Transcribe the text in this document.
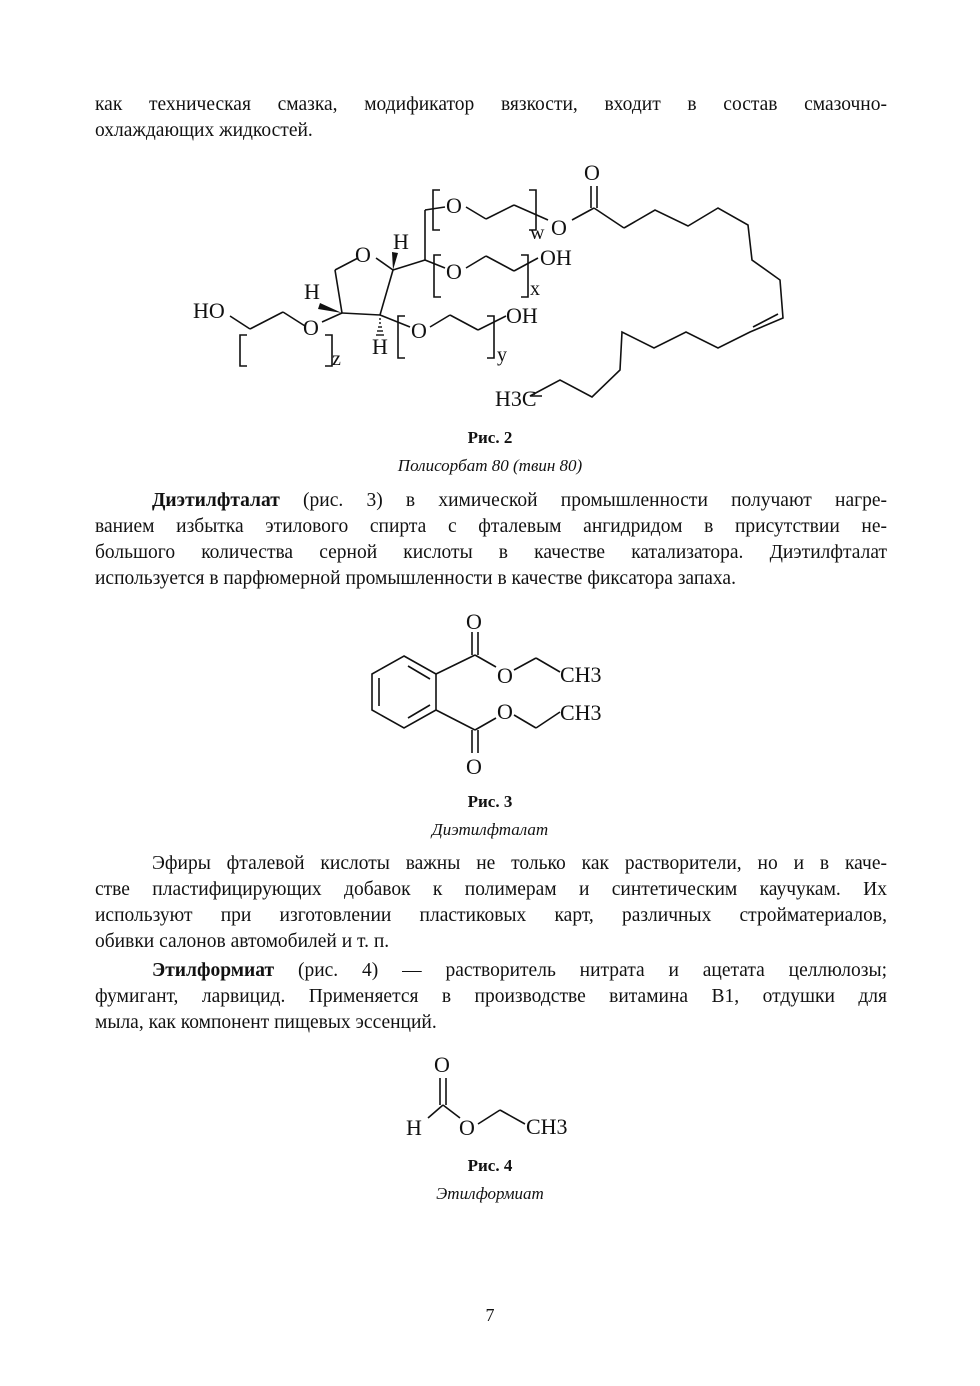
как техническая смазка, модификатор вязкости, входит в состав смазочно-
охлаждающих жидкостей.
HO
O
z
H
O
H
H
O
OH
y
O
OH
x
O
w O
O
H3C
Рис. 2
Полисорбат 80 (твин 80)
Диэтилфталат (рис. 3) в химической промышленности получают нагре-
ванием избытка этилового спирта с фталевым ангидридом в присутствии не-
большого количества серной кислоты в качестве катализатора. Диэтилфталат
используется в парфюмерной промышленности в качестве фиксатора запаха.
O
O CH3
O CH3
O
Рис. 3
Диэтилфталат
Эфиры фталевой кислоты важны не только как растворители, но и в каче-
стве пластифицирующих добавок к полимерам и синтетическим каучукам. Их
используют при изготовлении пластиковых карт, различных стройматериалов,
обивки салонов автомобилей и т. п.
Этилформиат (рис. 4) — растворитель нитрата и ацетата целлюлозы;
фумигант, ларвицид. Применяется в производстве витамина B1, отдушки для
мыла, как компонент пищевых эссенций.
O
H O CH3
Рис. 4
Этилформиат
7
